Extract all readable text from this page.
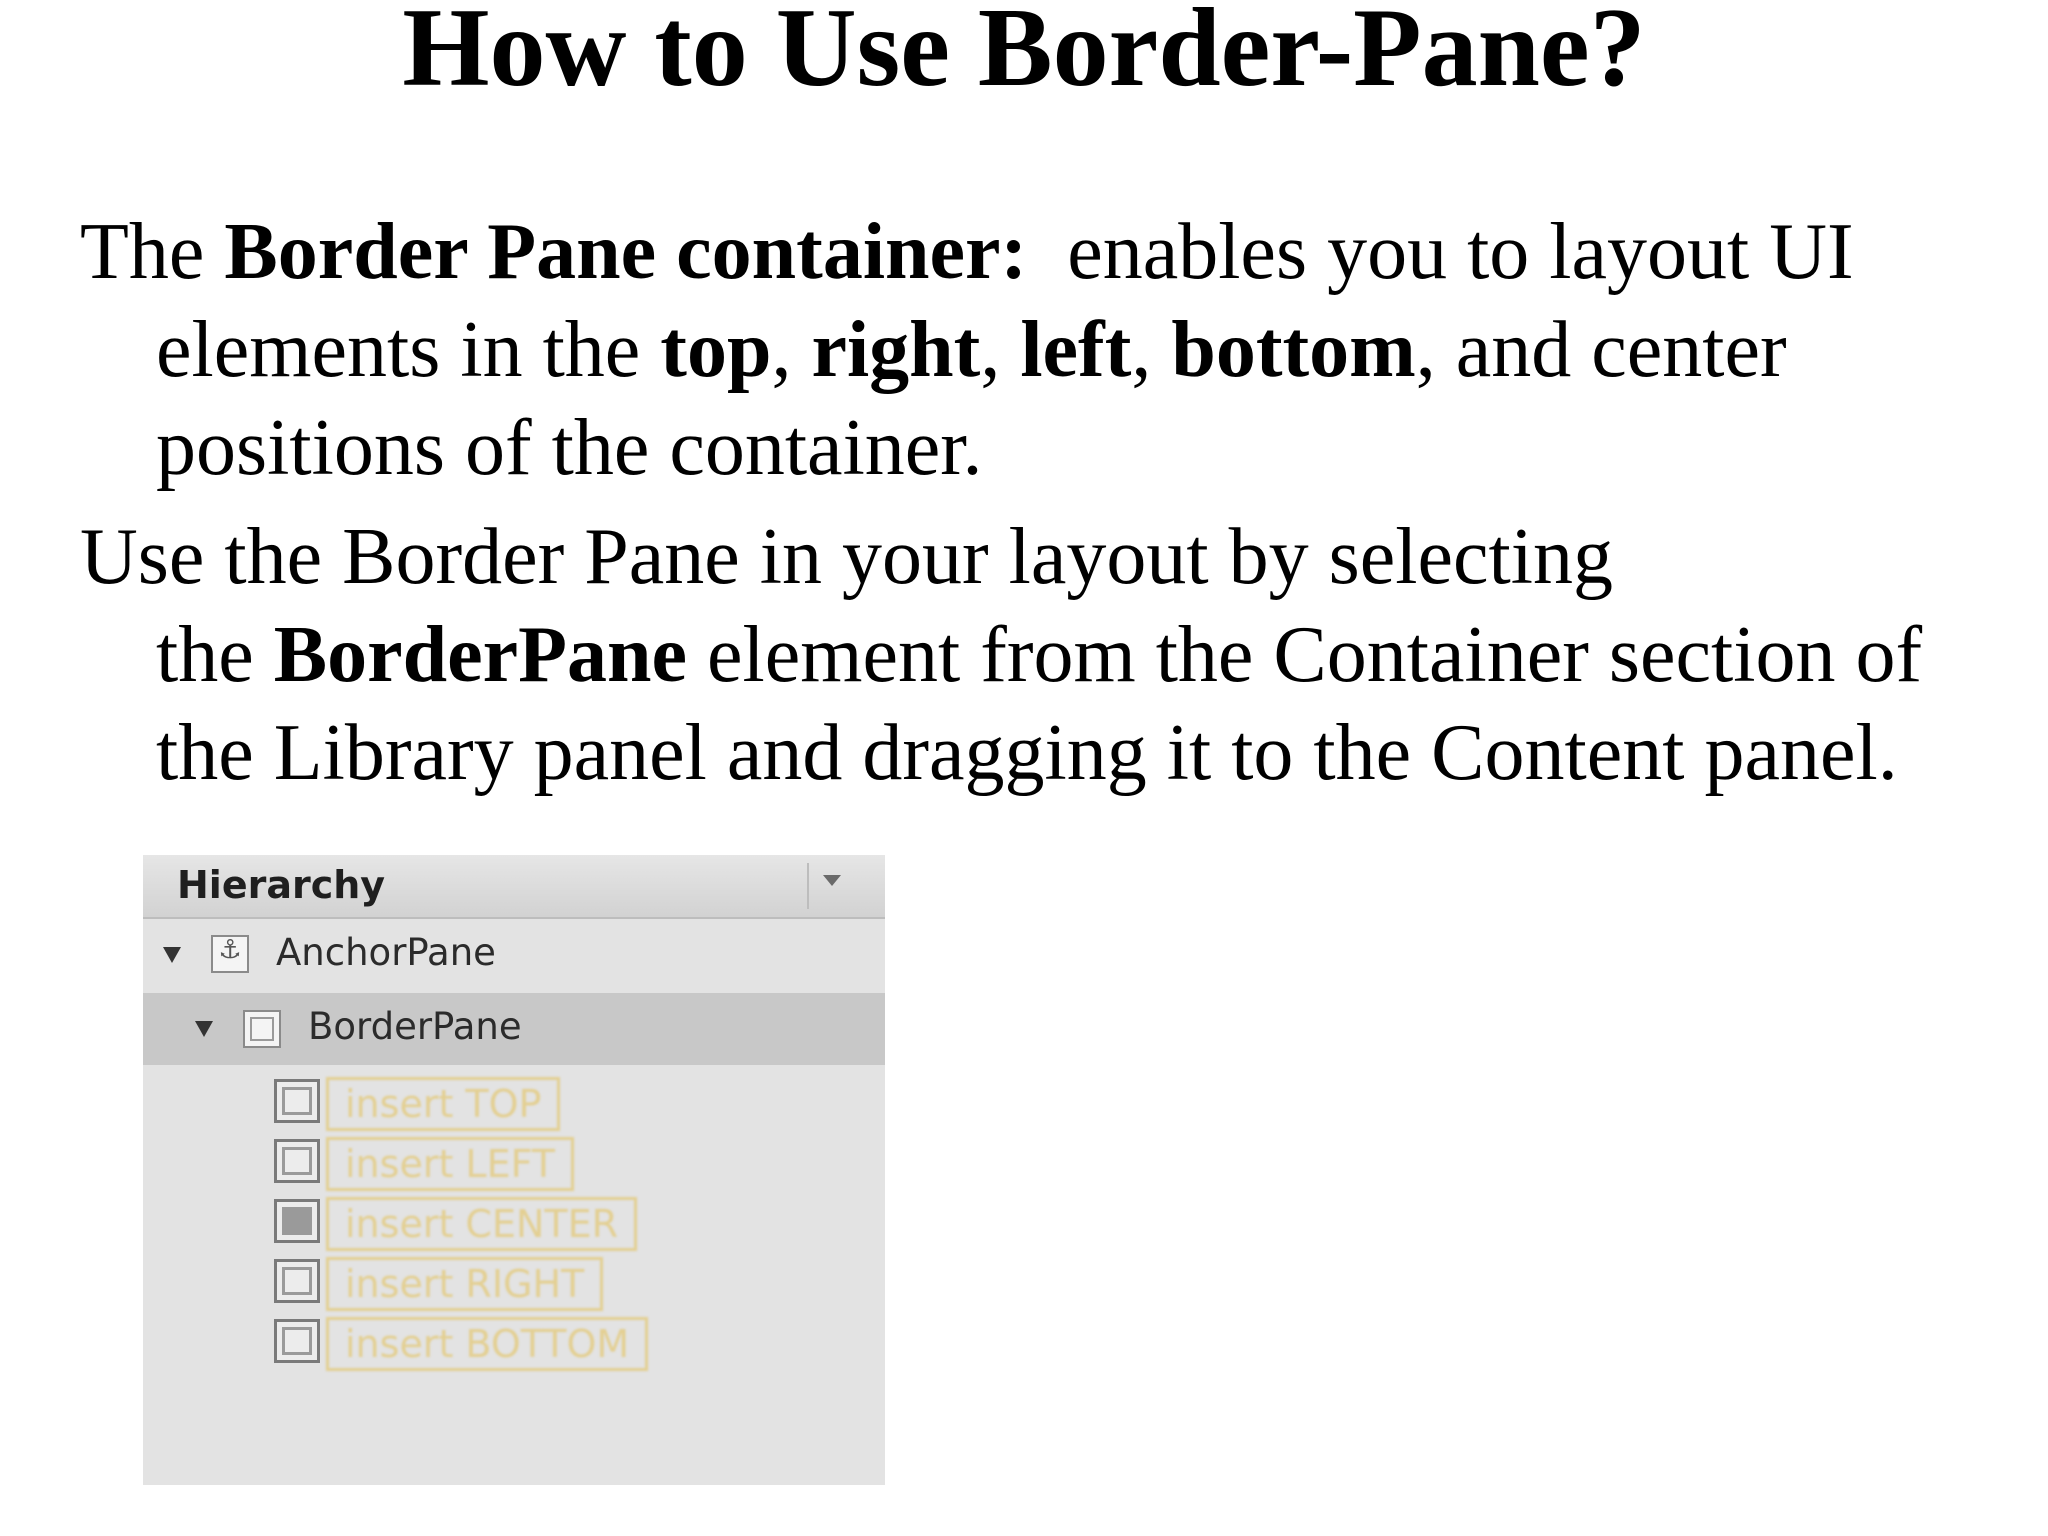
How to Use Border-Pane?
The Border Pane container:  enables you to layout UI
elements in the top, right, left, bottom, and center
positions of the container.
Use the Border Pane in your layout by selecting
the BorderPane element from the Container section of
the Library panel and dragging it to the Content panel.
Hierarchy
⚓ AnchorPane
BorderPane
insert TOP
insert LEFT
insert CENTER
insert RIGHT
insert BOTTOM
